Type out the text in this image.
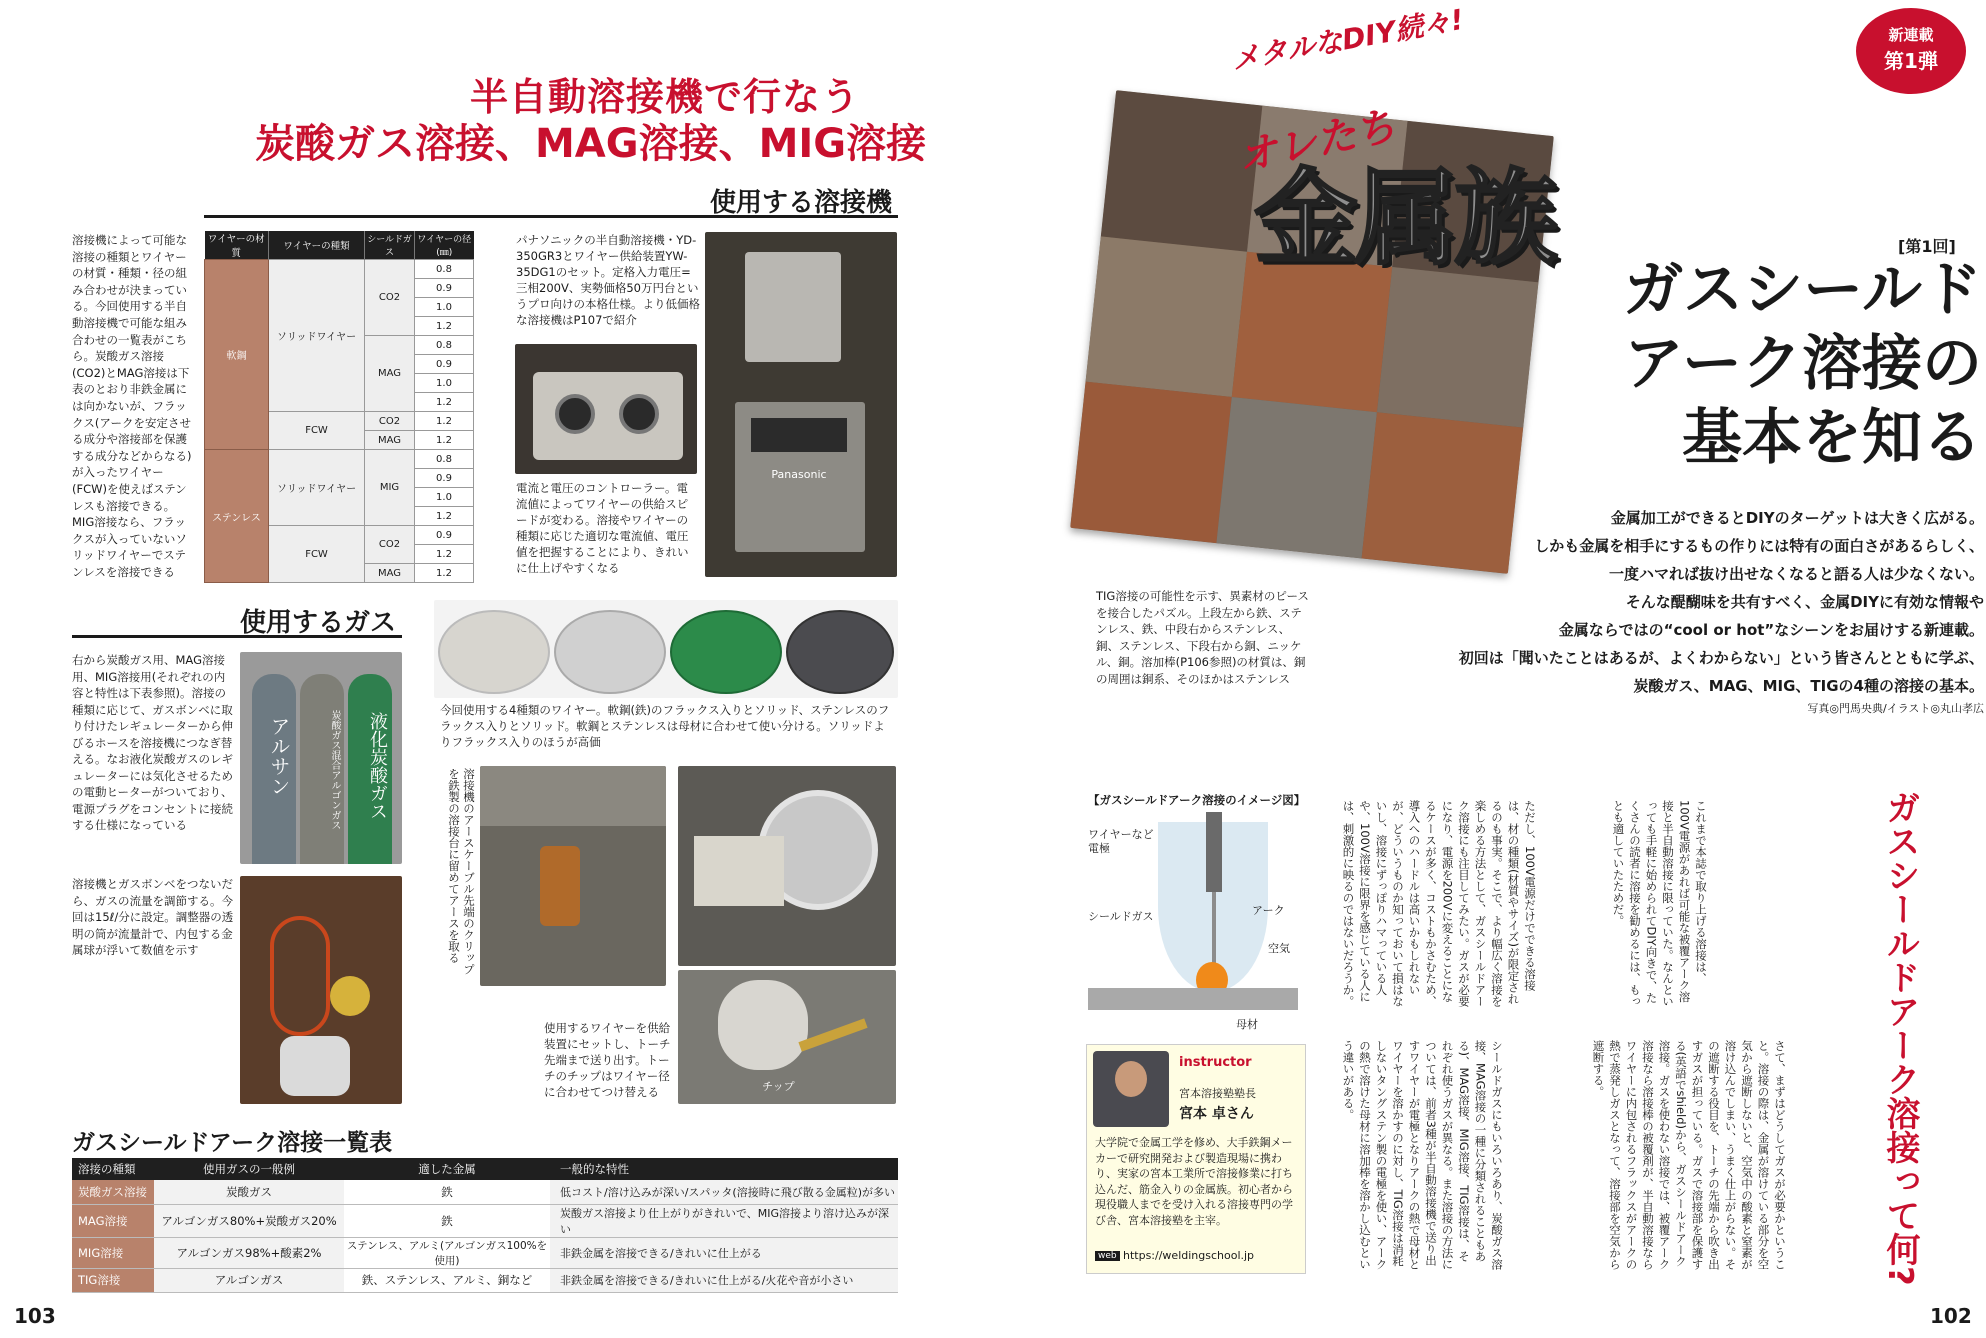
半自動溶接機で行なう
炭酸ガス溶接、MAG溶接、MIG溶接
使用する溶接機
溶接機によって可能な溶接の種類とワイヤーの材質・種類・径の組み合わせが決まっている。今回使用する半自動溶接機で可能な組み合わせの一覧表がこちら。炭酸ガス溶接(CO2)とMAG溶接は下表のとおり非鉄金属には向かないが、フラックス(アークを安定させる成分や溶接部を保護する成分などからなる)が入ったワイヤー(FCW)を使えばステンレスも溶接できる。MIG溶接なら、フラックスが入っていないソリッドワイヤーでステンレスを溶接できる
ワイヤーの材質	ワイヤーの種類	シールドガス	ワイヤーの径(㎜)
軟鋼	ソリッドワイヤー	CO2	0.8
			0.9
			1.0
			1.2
		MAG	0.8
			0.9
			1.0
			1.2
	FCW	CO2	1.2
		MAG	1.2
ステンレス	ソリッドワイヤー	MIG	0.8
			0.9
			1.0
			1.2
	FCW	CO2	0.9
			1.2
		MAG	1.2
パナソニックの半自動溶接機・YD-350GR3とワイヤー供給装置YW-35DG1のセット。定格入力電圧=三相200V、実勢価格50万円台というプロ向けの本格仕様。より低価格な溶接機はP107で紹介
電流と電圧のコントローラー。電流値によってワイヤーの供給スピードが変わる。溶接やワイヤーの種類に応じた適切な電流値、電圧値を把握することにより、きれいに仕上げやすくなる
Panasonic
使用するガス
右から炭酸ガス用、MAG溶接用、MIG溶接用(それぞれの内容と特性は下表参照)。溶接の種類に応じて、ガスボンベに取り付けたレギュレーターから伸びるホースを溶接機につなぎ替える。なお液化炭酸ガスのレギュレーターには気化させるための電動ヒーターがついており、電源プラグをコンセントに接続する仕様になっている
アルサン	炭酸ガス混合アルゴンガス	液化炭酸ガス
溶接機とガスボンベをつないだら、ガスの流量を調節する。今回は15ℓ/分に設定。調整器の透明の筒が流量計で、内包する金属球が浮いて数値を示す
今回使用する4種類のワイヤー。軟鋼(鉄)のフラックス入りとソリッド、ステンレスのフラックス入りとソリッド。軟鋼とステンレスは母材に合わせて使い分ける。ソリッドよりフラックス入りのほうが高価
溶接機のアースケーブル先端のクリップを鉄製の溶接台に留めてアースを取る
使用するワイヤーを供給装置にセットし、トーチ先端まで送り出す。トーチのチップはワイヤー径に合わせてつけ替える	チップ
ガスシールドアーク溶接一覧表
溶接の種類	使用ガスの一般例	適した金属	一般的な特性
炭酸ガス溶接	炭酸ガス	鉄	低コスト/溶け込みが深い/スパッタ(溶接時に飛び散る金属粒)が多い
MAG溶接	アルゴンガス80%+炭酸ガス20%	鉄	炭酸ガス溶接より仕上がりがきれいで、MIG溶接より溶け込みが深い
MIG溶接	アルゴンガス98%+酸素2%	ステンレス、アルミ(アルゴンガス100%を使用)	非鉄金属を溶接できる/きれいに仕上がる
TIG溶接	アルゴンガス	鉄、ステンレス、アルミ、銅など	非鉄金属を溶接できる/きれいに仕上がる/火花や音が小さい
103
メタルなDIY続々!	新連載
第1弾
オレたち
金属族	[第1回]
ガスシールド
アーク溶接の
基本を知る
金属加工ができるとDIYのターゲットは大きく広がる。
しかも金属を相手にするもの作りには特有の面白さがあるらしく、
一度ハマれば抜け出せなくなると語る人は少なくない。
そんな醍醐味を共有すべく、金属DIYに有効な情報や
金属ならではの“cool or hot”なシーンをお届けする新連載。
初回は「聞いたことはあるが、よくわからない」という皆さんとともに学ぶ、
炭酸ガス、MAG、MIG、TIGの4種の溶接の基本。
写真◎門馬央典/イラスト◎丸山孝広
TIG溶接の可能性を示す、異素材のピースを接合したパズル。上段左から鉄、ステンレス、鉄、中段右からステンレス、銅、ステンレス、下段右から銅、ニッケル、銅。溶加棒(P106参照)の材質は、銅の周囲は銅系、そのほかはステンレス
【ガスシールドアーク溶接のイメージ図】
ワイヤーなど電極
シールドガス	アーク
空気
母材
instructor
宮本溶接塾塾長
宮本 卓さん
大学院で金属工学を修め、大手鉄鋼メーカーで研究開発および製造現場に携わり、実家の宮本工業所で溶接修業に打ち込んだ、筋金入りの金属族。初心者から現役職人までを受け入れる溶接専門の学び舎、宮本溶接塾を主宰。
web https://weldingschool.jp
これまで本誌で取り上げる溶接は、100V電源があれば可能な被覆アーク溶接と半自動溶接に限っていた。なんといっても手軽に始められてDIY向きで、たくさんの読者に溶接を勧めるには、もっとも適していたためだ。
ただし、100V電源だけでできる溶接は、材の種類(材質やサイズ)が限定されるのも事実。そこで、より幅広く溶接を楽しめる方法として、ガスシールドアーク溶接にも注目してみたい。ガスが必要になり、電源を200Vに変えることになるケースが多く、コストもかさむため、導入へのハードルは高いかもしれないが、どういうものか知っておいて損はないし、溶接にずっぽりハマっている人や、100V溶接に限界を感じている人には、刺激的に映るのではないだろうか。
さて、まずはどうしてガスが必要かということ。溶接の際は、金属が溶けている部分を空気から遮断しないと、空気中の酸素と窒素が溶け込んでしまい、うまく仕上がらない。その遮断する役目を、トーチの先端から吹き出すガスが担っている。ガスで溶接部を保護する(英語でshield)から、ガスシールドアーク溶接。ガスを使わない溶接では、被覆アーク溶接なら溶接棒の被覆剤が、半自動溶接ならワイヤーに内包されるフラックスがアークの熱で蒸発しガスとなって、溶接部を空気から遮断する。
シールドガスにもいろいろあり、炭酸ガス溶接、MAG溶接の一種に分類されることもある)、MAG溶接、MIG溶接、TIG溶接は、それぞれ使うガスが異なる。また溶接の方法については、前者3種が半自動溶接機で送り出すワイヤーが電極となりアークの熱で母材とワイヤーを溶かすのに対し、TIG溶接は消耗しないタングステン製の電極を使い、アークの熱で溶けた母材に溶加棒を溶かし込むという違いがある。	ガスシールドアーク溶接って何?
102
